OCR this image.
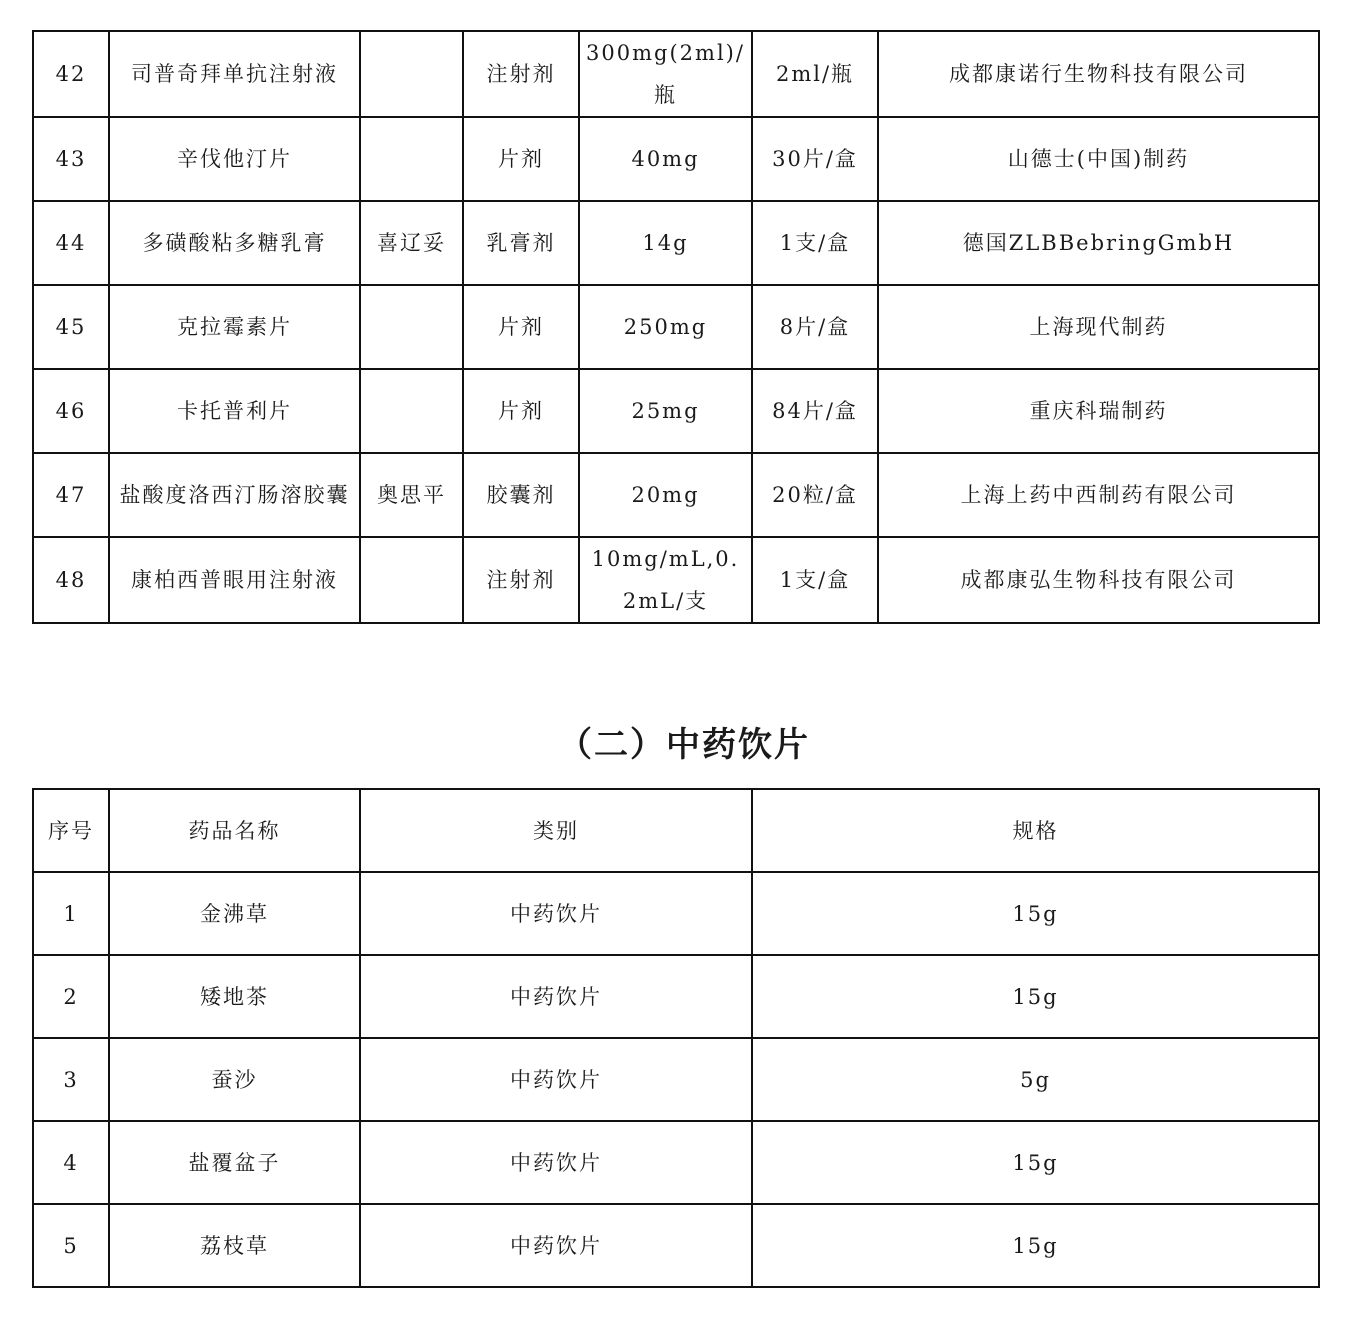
42	司普奇拜单抗注射液		注射剂	300mg(2ml)/瓶	2ml/瓶	成都康诺行生物科技有限公司
43	辛伐他汀片		片剂	40mg	30片/盒	山德士(中国)制药
44	多磺酸粘多糖乳膏	喜辽妥	乳膏剂	14g	1支/盒	德国ZLBBebringGmbH
45	克拉霉素片		片剂	250mg	8片/盒	上海现代制药
46	卡托普利片		片剂	25mg	84片/盒	重庆科瑞制药
47	盐酸度洛西汀肠溶胶囊	奥思平	胶囊剂	20mg	20粒/盒	上海上药中西制药有限公司
48	康柏西普眼用注射液		注射剂	10mg/mL,0.2mL/支	1支/盒	成都康弘生物科技有限公司
（二）中药饮片
序号	药品名称	类别	规格
1	金沸草	中药饮片	15g
2	矮地茶	中药饮片	15g
3	蚕沙	中药饮片	5g
4	盐覆盆子	中药饮片	15g
5	荔枝草	中药饮片	15g
